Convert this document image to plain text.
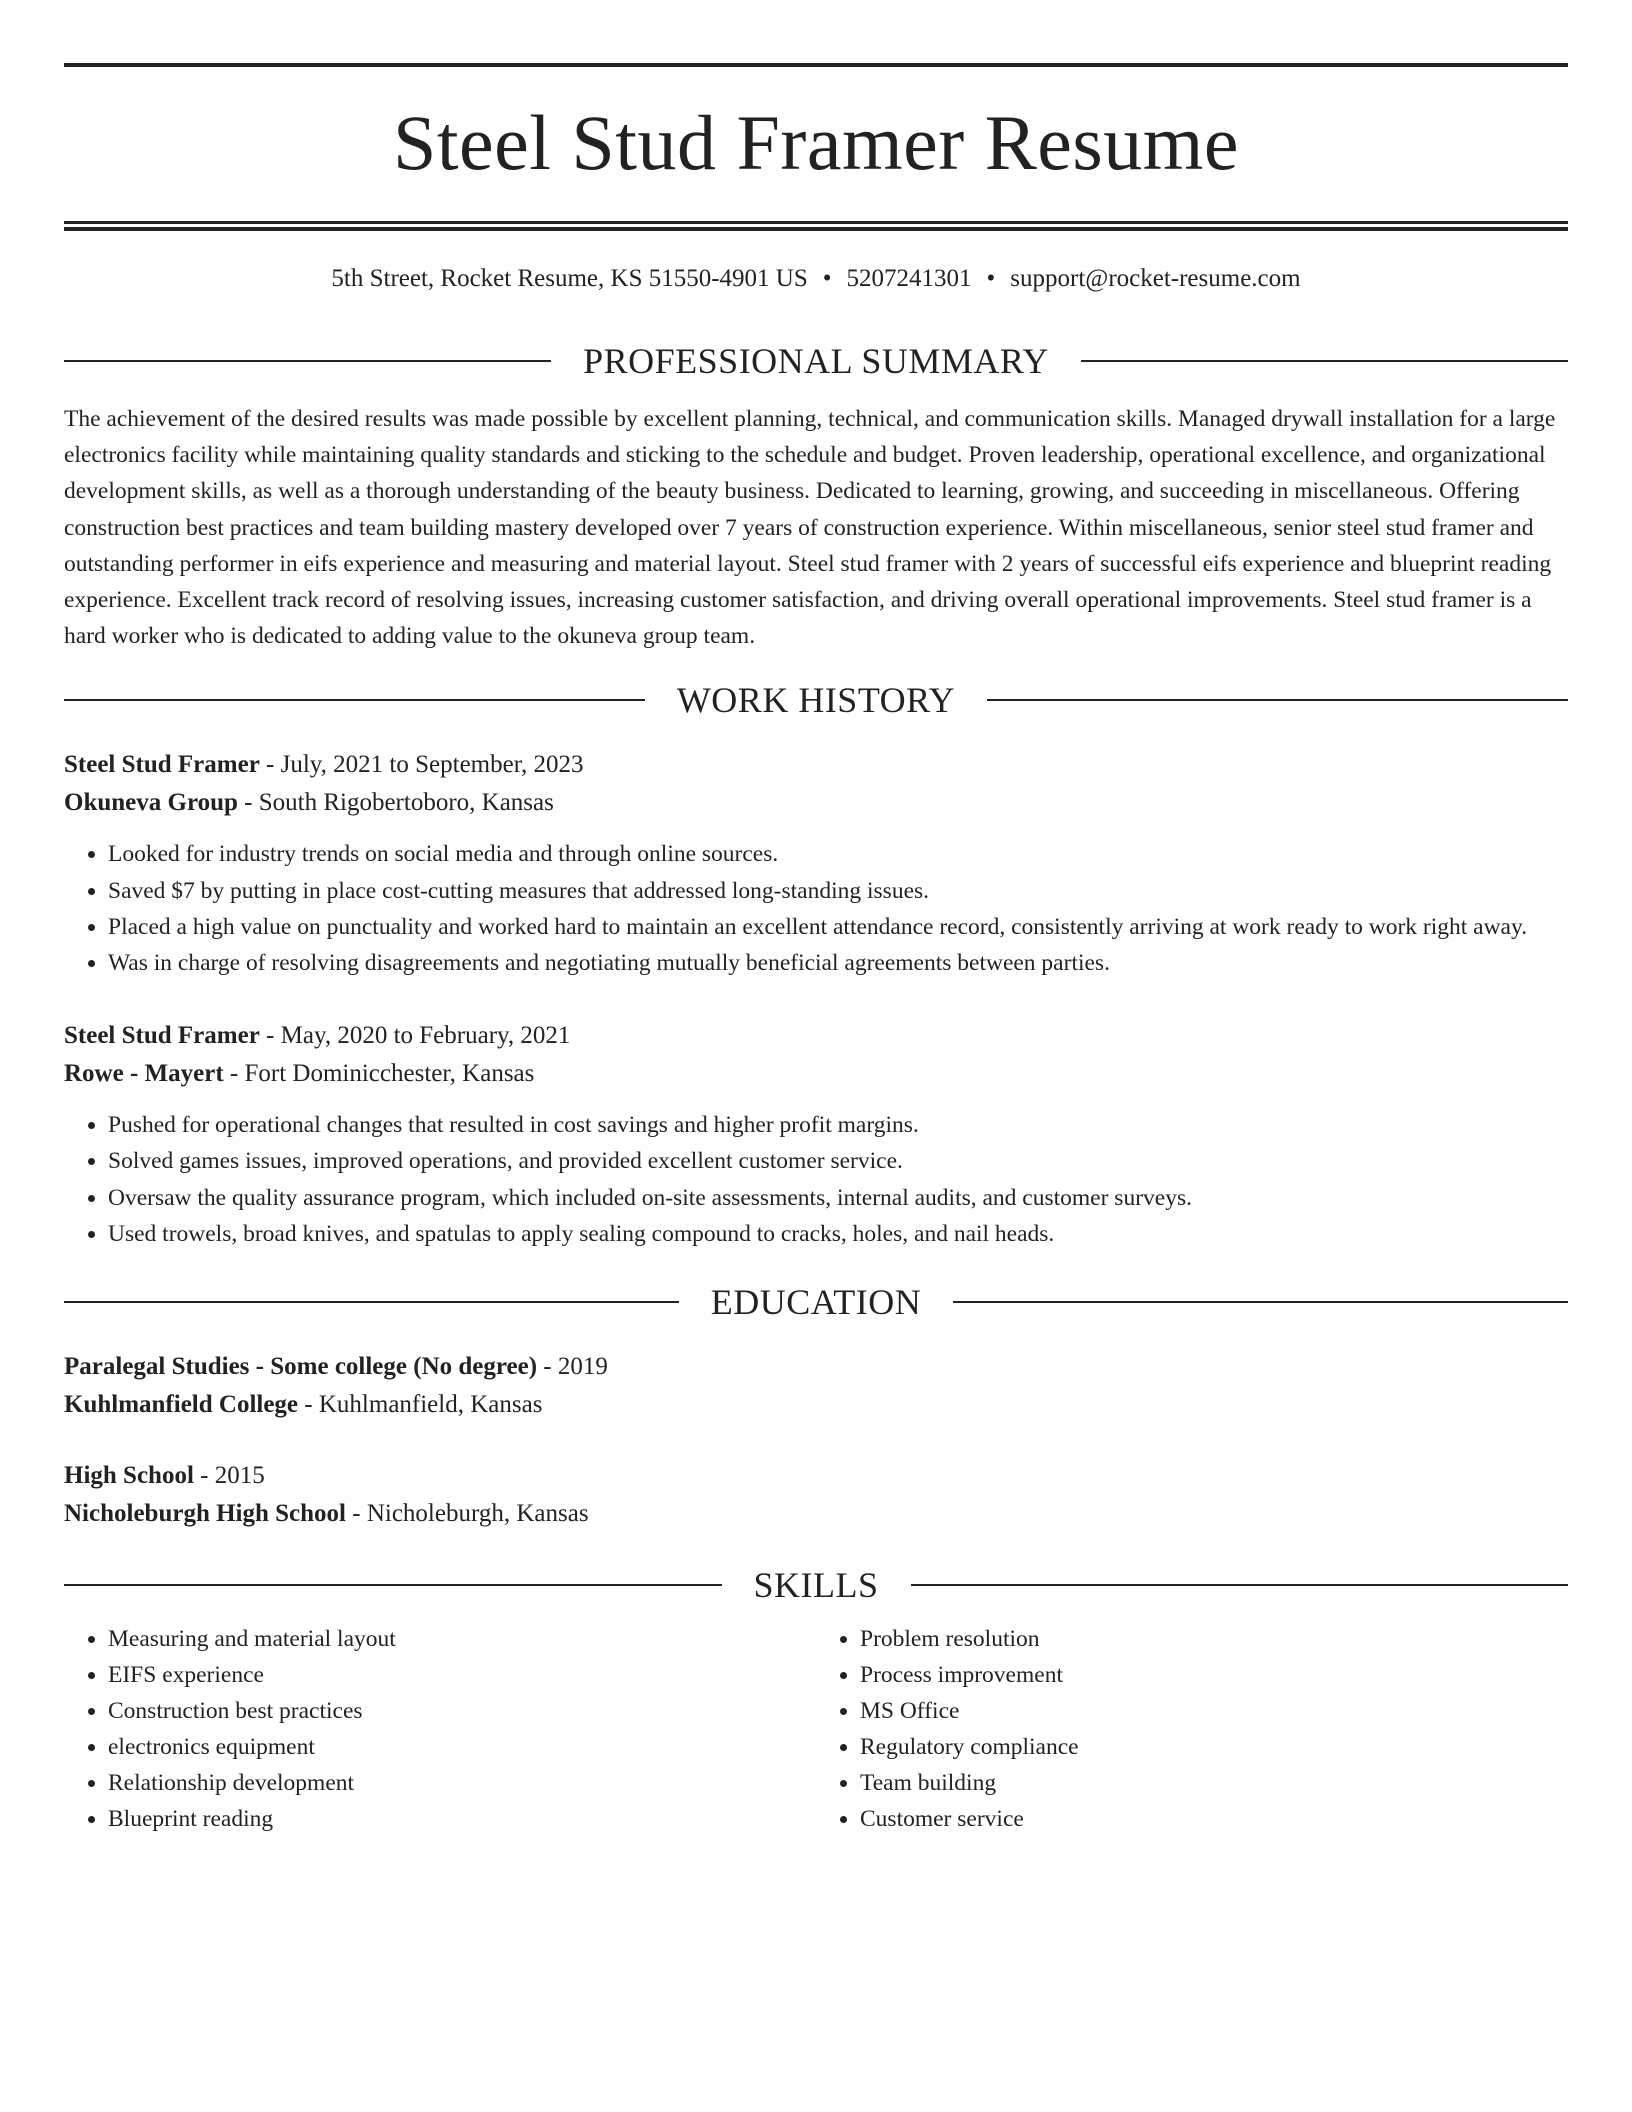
Steel Stud Framer Resume
5th Street, Rocket Resume, KS 51550-4901 US • 5207241301 • support@rocket-resume.com
PROFESSIONAL SUMMARY

The achievement of the desired results was made possible by excellent planning, technical, and communication skills. Managed drywall installation for a large electronics facility while maintaining quality standards and sticking to the schedule and budget. Proven leadership, operational excellence, and organizational development skills, as well as a thorough understanding of the beauty business. Dedicated to learning, growing, and succeeding in miscellaneous. Offering construction best practices and team building mastery developed over 7 years of construction experience. Within miscellaneous, senior steel stud framer and outstanding performer in eifs experience and measuring and material layout. Steel stud framer with 2 years of successful eifs experience and blueprint reading experience. Excellent track record of resolving issues, increasing customer satisfaction, and driving overall operational improvements. Steel stud framer is a hard worker who is dedicated to adding value to the okuneva group team.

WORK HISTORY
Steel Stud Framer - July, 2021 to September, 2023
Okuneva Group - South Rigobertoboro, Kansas
• Looked for industry trends on social media and through online sources.
• Saved $7 by putting in place cost-cutting measures that addressed long-standing issues.
• Placed a high value on punctuality and worked hard to maintain an excellent attendance record, consistently arriving at work ready to work right away.
• Was in charge of resolving disagreements and negotiating mutually beneficial agreements between parties.
Steel Stud Framer - May, 2020 to February, 2021
Rowe - Mayert - Fort Dominicchester, Kansas
• Pushed for operational changes that resulted in cost savings and higher profit margins.
• Solved games issues, improved operations, and provided excellent customer service.
• Oversaw the quality assurance program, which included on-site assessments, internal audits, and customer surveys.
• Used trowels, broad knives, and spatulas to apply sealing compound to cracks, holes, and nail heads.
EDUCATION
Paralegal Studies - Some college (No degree) - 2019
Kuhlmanfield College - Kuhlmanfield, Kansas
High School - 2015
Nicholeburgh High School - Nicholeburgh, Kansas
SKILLS
• Measuring and material layout
• EIFS experience
• Construction best practices
• electronics equipment
• Relationship development
• Blueprint reading
• Problem resolution
• Process improvement
• MS Office
• Regulatory compliance
• Team building
• Customer service
